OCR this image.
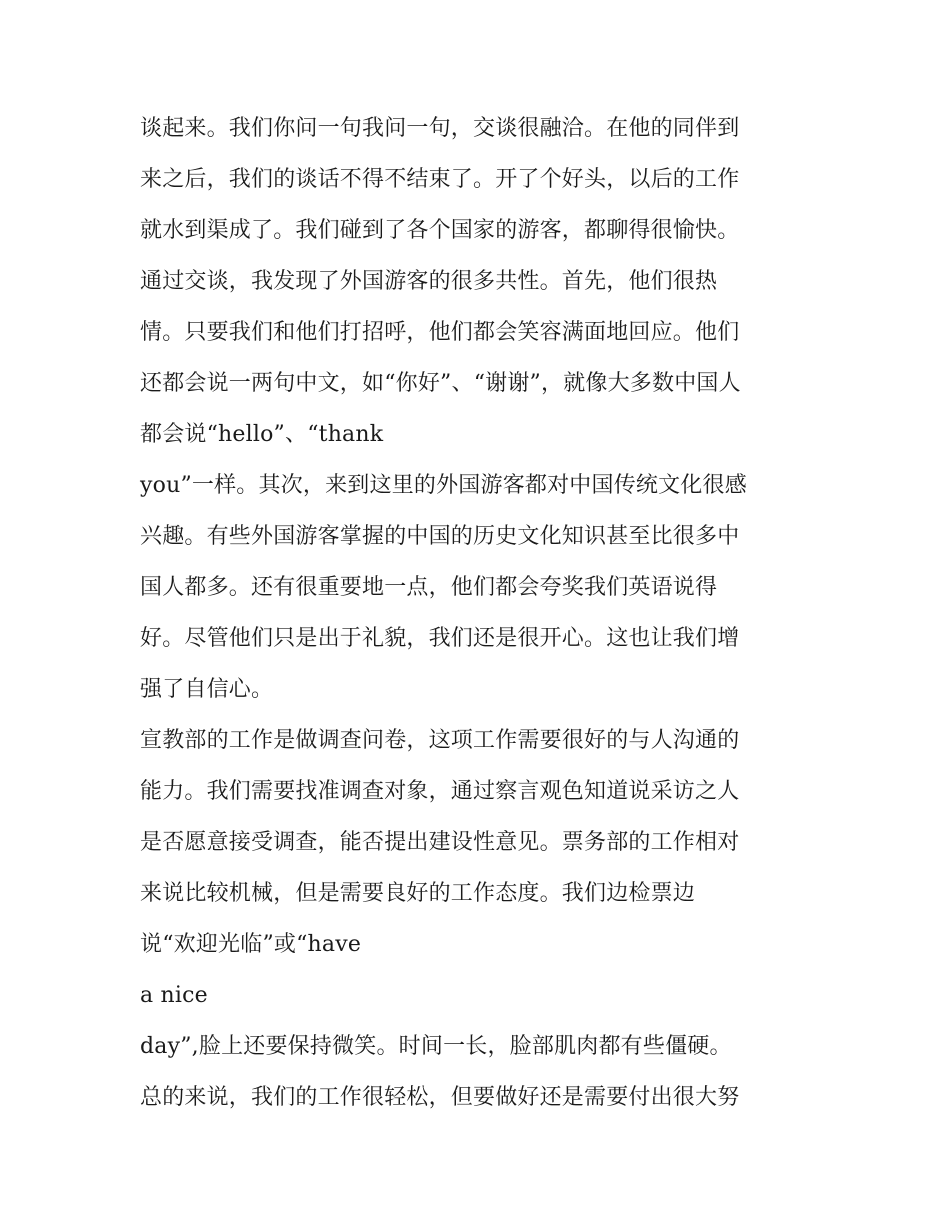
谈起来。我们你问一句我问一句，交谈很融洽。在他的同伴到
来之后，我们的谈话不得不结束了。开了个好头，以后的工作
就水到渠成了。我们碰到了各个国家的游客，都聊得很愉快。
通过交谈，我发现了外国游客的很多共性。首先，他们很热
情。只要我们和他们打招呼，他们都会笑容满面地回应。他们
还都会说一两句中文，如“你好”、“谢谢”，就像大多数中国人
都会说“hello”、“thank
you”一样。其次，来到这里的外国游客都对中国传统文化很感
兴趣。有些外国游客掌握的中国的历史文化知识甚至比很多中
国人都多。还有很重要地一点，他们都会夸奖我们英语说得
好。尽管他们只是出于礼貌，我们还是很开心。这也让我们增
强了自信心。
宣教部的工作是做调查问卷，这项工作需要很好的与人沟通的
能力。我们需要找准调查对象，通过察言观色知道说采访之人
是否愿意接受调查，能否提出建设性意见。票务部的工作相对
来说比较机械，但是需要良好的工作态度。我们边检票边
说“欢迎光临”或“have
a nice
day”,脸上还要保持微笑。时间一长，脸部肌肉都有些僵硬。
总的来说，我们的工作很轻松，但要做好还是需要付出很大努
